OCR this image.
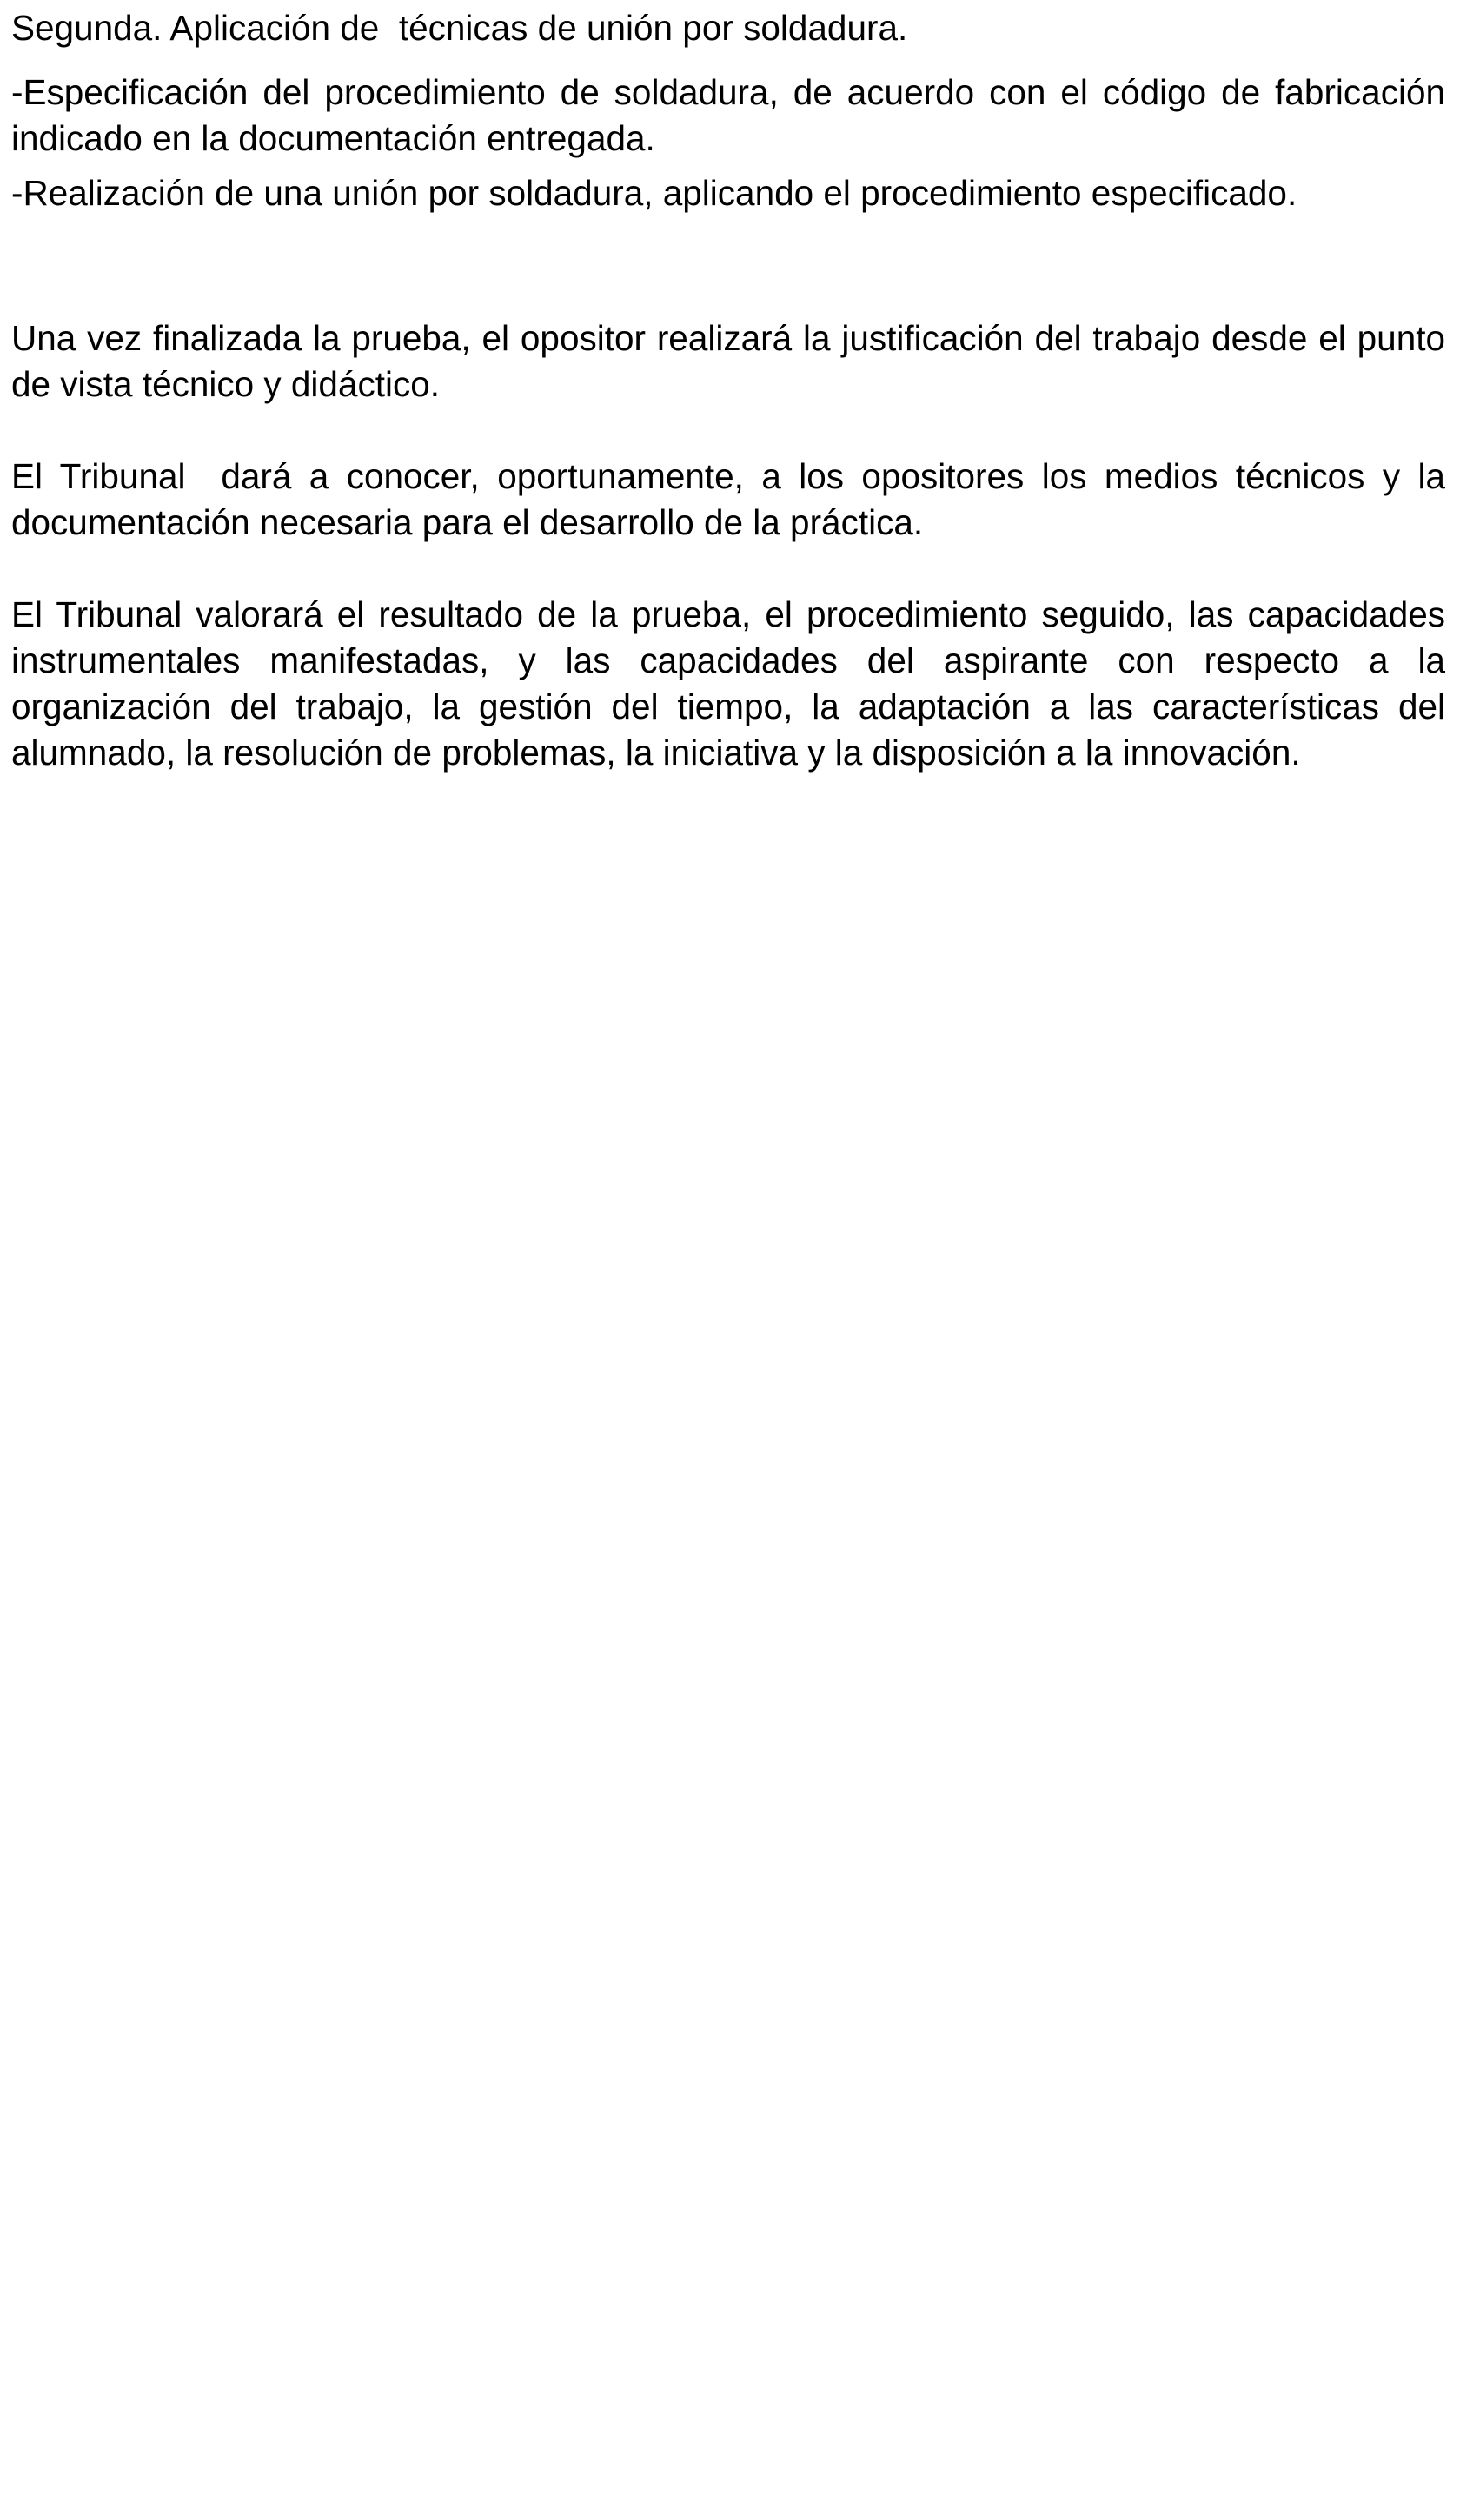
Segunda. Aplicación de  técnicas de unión por soldadura.

-Especificación del procedimiento de soldadura, de acuerdo con el código de fabricación indicado en la documentación entregada.

-Realización de una unión por soldadura, aplicando el procedimiento especificado.

Una vez finalizada la prueba, el opositor realizará la justificación del trabajo desde el punto de vista técnico y didáctico.

El Tribunal  dará a conocer, oportunamente, a los opositores los medios técnicos y la documentación necesaria para el desarrollo de la práctica.

El Tribunal valorará el resultado de la prueba, el procedimiento seguido, las capacidades instrumentales manifestadas, y las capacidades del aspirante con respecto a la organización del trabajo, la gestión del tiempo, la adaptación a las características del alumnado, la resolución de problemas, la iniciativa y la disposición a la innovación.
